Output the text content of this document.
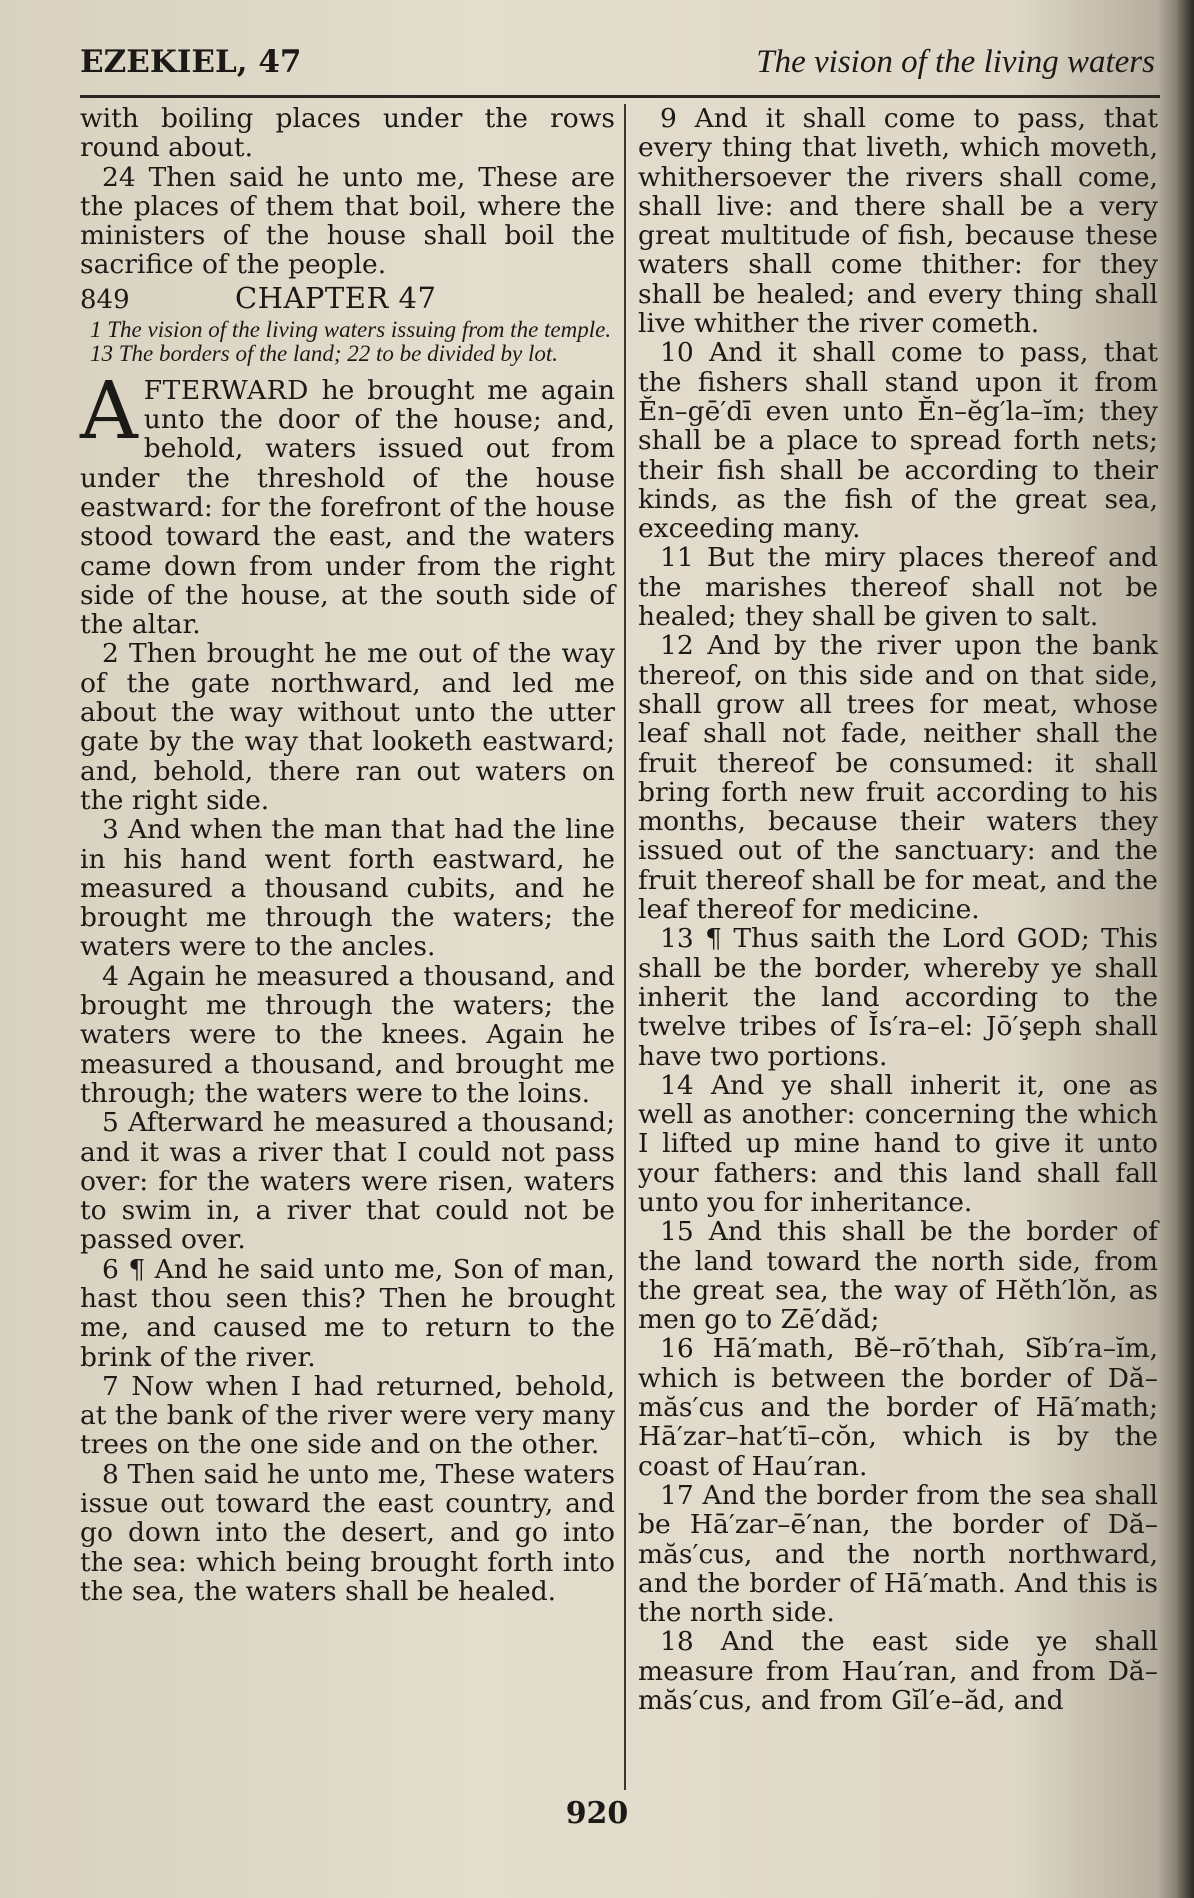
EZEKIEL, 47	The vision of the living waters

with boiling places under the rows round about.

24 Then said he unto me, These are the places of them that boil, where the ministers of the house shall boil the sacrifice of the people.

849	CHAPTER 47

1 The vision of the living waters issuing from the temple. 13 The borders of the land; 22 to be divided by lot.

AFTERWARD he brought me again unto the door of the house; and, behold, waters issued out from under the threshold of the house eastward: for the forefront of the house stood toward the east, and the waters came down from under from the right side of the house, at the south side of the altar.

2 Then brought he me out of the way of the gate northward, and led me about the way without unto the utter gate by the way that looketh eastward; and, behold, there ran out waters on the right side.

3 And when the man that had the line in his hand went forth eastward, he measured a thousand cubits, and he brought me through the waters; the waters were to the ancles.

4 Again he measured a thousand, and brought me through the waters; the waters were to the knees. Again he measured a thousand, and brought me through; the waters were to the loins.

5 Afterward he measured a thousand; and it was a river that I could not pass over: for the waters were risen, waters to swim in, a river that could not be passed over.

6 ¶ And he said unto me, Son of man, hast thou seen this? Then he brought me, and caused me to return to the brink of the river.

7 Now when I had returned, behold, at the bank of the river were very many trees on the one side and on the other.

8 Then said he unto me, These waters issue out toward the east country, and go down into the desert, and go into the sea: which being brought forth into the sea, the waters shall be healed.

9 And it shall come to pass, that every thing that liveth, which moveth, whithersoever the rivers shall come, shall live: and there shall be a very great multitude of fish, because these waters shall come thither: for they shall be healed; and every thing shall live whither the river cometh.

10 And it shall come to pass, that the fishers shall stand upon it from Ĕn–gē′dī even unto Ĕn–ĕg′la–ĭm; they shall be a place to spread forth nets; their fish shall be according to their kinds, as the fish of the great sea, exceeding many.

11 But the miry places thereof and the marishes thereof shall not be healed; they shall be given to salt.

12 And by the river upon the bank thereof, on this side and on that side, shall grow all trees for meat, whose leaf shall not fade, neither shall the fruit thereof be consumed: it shall bring forth new fruit according to his months, because their waters they issued out of the sanctuary: and the fruit thereof shall be for meat, and the leaf thereof for medicine.

13 ¶ Thus saith the Lord GOD; This shall be the border, whereby ye shall inherit the land according to the twelve tribes of Ĭs′ra–el: Jō′şeph shall have two portions.

14 And ye shall inherit it, one as well as another: concerning the which I lifted up mine hand to give it unto your fathers: and this land shall fall unto you for inheritance.

15 And this shall be the border of the land toward the north side, from the great sea, the way of Hĕth′lŏn, as men go to Zē′dăd;

16 Hā′math, Bĕ–rō′thah, Sĭb′ra–ĭm, which is between the border of Dă–măs′cus and the border of Hā′math; Hā′zar–hat′tī–cŏn, which is by the coast of Hau′ran.

17 And the border from the sea shall be Hā′zar–ē′nan, the border of Dă–măs′cus, and the north northward, and the border of Hā′math. And this is the north side.

18 And the east side ye shall measure from Hau′ran, and from Dă–măs′cus, and from Gĭl′e–ăd, and

920
